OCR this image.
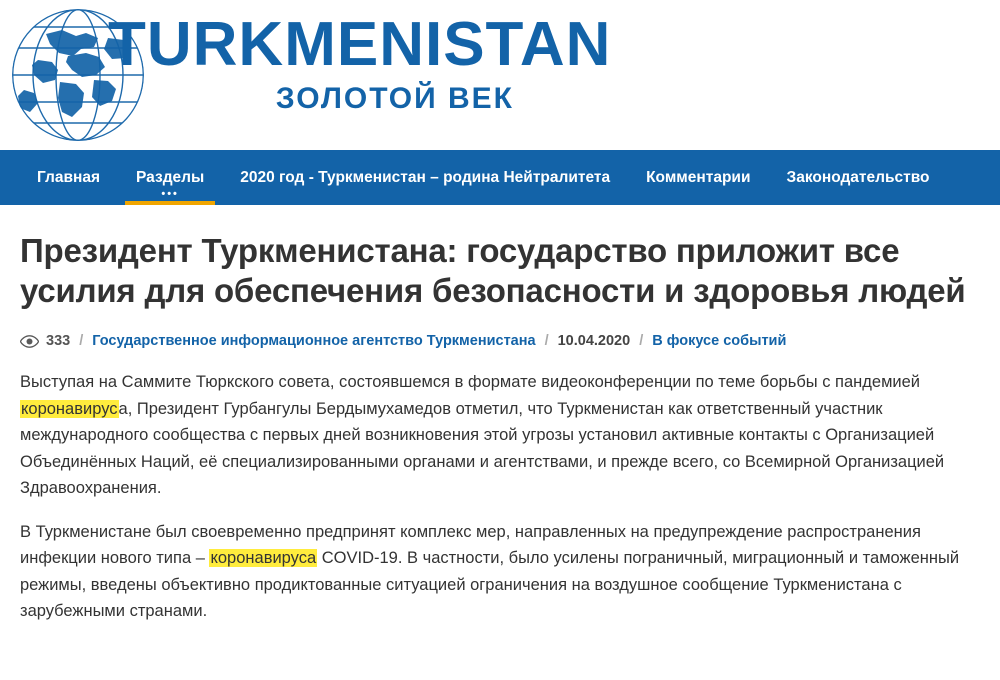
TURKMENISTAN
ЗОЛОТОЙ ВЕК
Главная Разделы
•••
2020 год - Туркменистан – родина Нейтралитета Комментарии Законодательство
Президент Туркменистана: государство приложит все усилия для обеспечения безопасности и здоровья людей
333 / Государственное информационное агентство Туркменистана / 10.04.2020 / В фокусе событий

Выступая на Саммите Тюркского совета, состоявшемся в формате видеоконференции по теме борьбы с пандемией коронавируса, Президент Гурбангулы Бердымухамедов отметил, что Туркменистан как ответственный участник международного сообщества с первых дней возникновения этой угрозы установил активные контакты с Организацией Объединённых Наций, её специализированными органами и агентствами, и прежде всего, со Всемирной Организацией Здравоохранения.

В Туркменистане был своевременно предпринят комплекс мер, направленных на предупреждение распространения инфекции нового типа – коронавируса COVID-19. В частности, было усилены пограничный, миграционный и таможенный режимы, введены объективно продиктованные ситуацией ограничения на воздушное сообщение Туркменистана с зарубежными странами.
